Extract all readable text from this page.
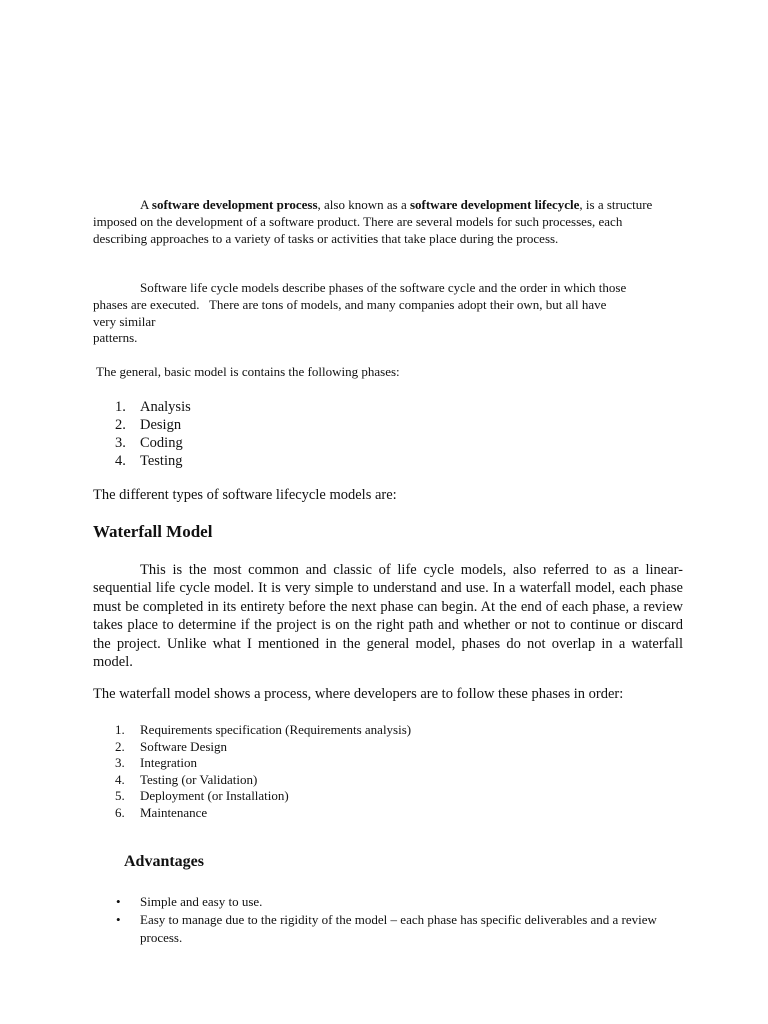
A software development process, also known as a software development lifecycle, is a structure imposed on the development of a software product. There are several models for such processes, each describing approaches to a variety of tasks or activities that take place during the process.
Software life cycle models describe phases of the software cycle and the order in which those
phases are executed.   There are tons of models, and many companies adopt their own, but all have
very similar
patterns.
The general, basic model is contains the following phases:
1. Analysis
2. Design
3. Coding
4. Testing
The different types of software lifecycle models are:
Waterfall Model
This is the most common and classic of life cycle models, also referred to as a linear-sequential life cycle model. It is very simple to understand and use. In a waterfall model, each phase must be completed in its entirety before the next phase can begin. At the end of each phase, a review takes place to determine if the project is on the right path and whether or not to continue or discard the project. Unlike what I mentioned in the general model, phases do not overlap in a waterfall model.
The waterfall model shows a process, where developers are to follow these phases in order:
1. Requirements specification (Requirements analysis)
2. Software Design
3. Integration
4. Testing (or Validation)
5. Deployment (or Installation)
6. Maintenance
Advantages
• Simple and easy to use.
• Easy to manage due to the rigidity of the model – each phase has specific deliverables and a review process.
